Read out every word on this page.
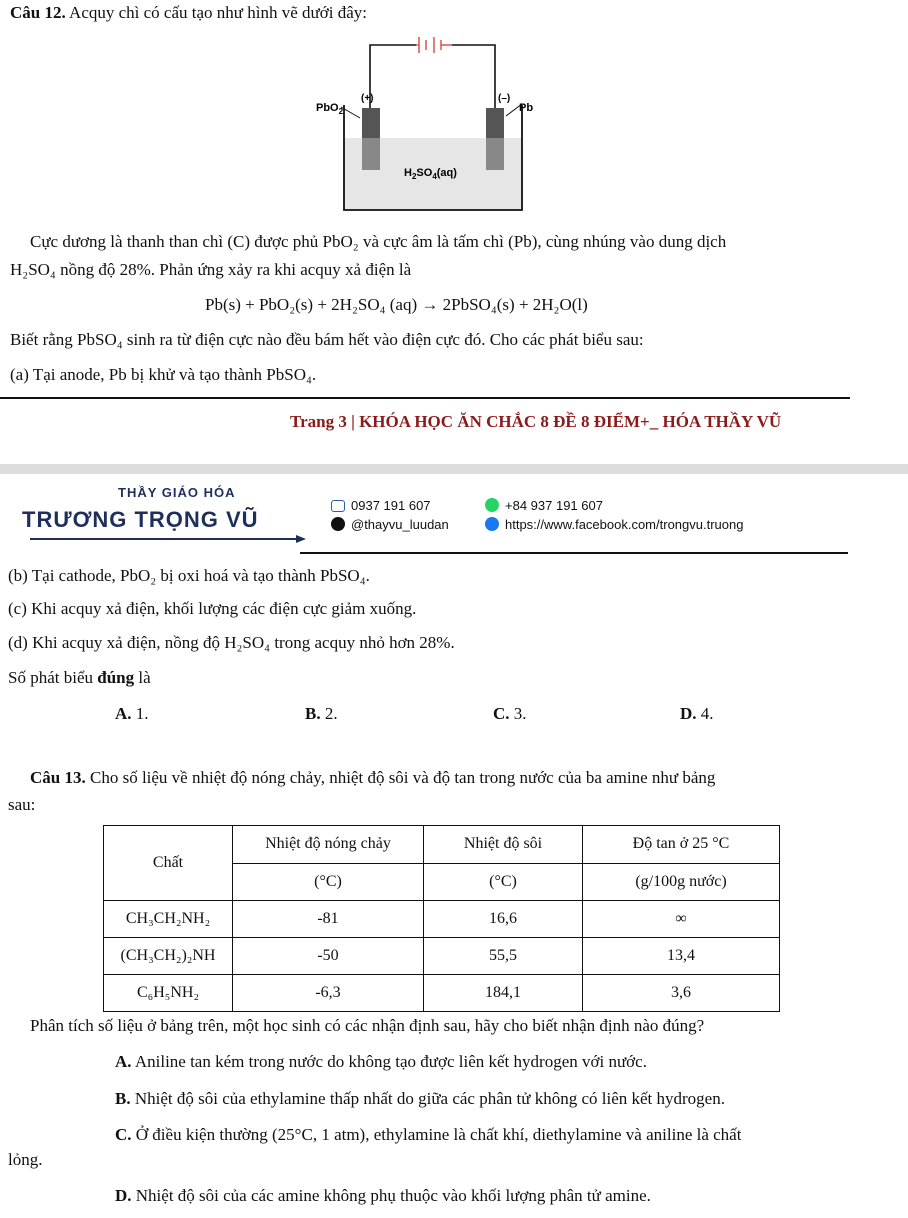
Câu 12. Acquy chì có cấu tạo như hình vẽ dưới đây:
(+)	(–)
PbO$_2$	Pb
$H_2SO_4(aq)$
Cực dương là thanh than chì (C) được phủ PbO₂ và cực âm là tấm chì (Pb), cùng nhúng vào dung dịch
H₂SO₄ nồng độ 28%. Phản ứng xảy ra khi acquy xả điện là
Pb(s) + PbO₂(s) + 2H₂SO₄ (aq) → 2PbSO₄(s) + 2H₂O(l)
Biết rằng PbSO₄ sinh ra từ điện cực nào đều bám hết vào điện cực đó. Cho các phát biểu sau:
(a) Tại anode, Pb bị khử và tạo thành PbSO₄.
Trang 3 | KHÓA HỌC ĂN CHẮC 8 ĐỀ 8 ĐIỂM+_ HÓA THẦY VŨ
THẦY GIÁO HÓA
TRƯƠNG TRỌNG VŨ
0937 191 607
@thayvu_luudan
+84 937 191 607
https://www.facebook.com/trongvu.truong
(b) Tại cathode, PbO₂ bị oxi hoá và tạo thành PbSO₄.
(c) Khi acquy xả điện, khối lượng các điện cực giảm xuống.
(d) Khi acquy xả điện, nồng độ H₂SO₄ trong acquy nhỏ hơn 28%.
Số phát biểu đúng là
A. 1.	B. 2.	C. 3.	D. 4.
Câu 13. Cho số liệu về nhiệt độ nóng chảy, nhiệt độ sôi và độ tan trong nước của ba amine như bảng
sau:
Chất	Nhiệt độ nóng chảy	Nhiệt độ sôi	Độ tan ở 25 °C
	(°C)	(°C)	(g/100g nước)
CH₃CH₂NH₂	-81	16,6	∞
(CH₃CH₂)₂NH	-50	55,5	13,4
C₆H₅NH₂	-6,3	184,1	3,6
Phân tích số liệu ở bảng trên, một học sinh có các nhận định sau, hãy cho biết nhận định nào đúng?
A. Aniline tan kém trong nước do không tạo được liên kết hydrogen với nước.
B. Nhiệt độ sôi của ethylamine thấp nhất do giữa các phân tử không có liên kết hydrogen.
C. Ở điều kiện thường (25°C, 1 atm), ethylamine là chất khí, diethylamine và aniline là chất
lỏng.
D. Nhiệt độ sôi của các amine không phụ thuộc vào khối lượng phân tử amine.
